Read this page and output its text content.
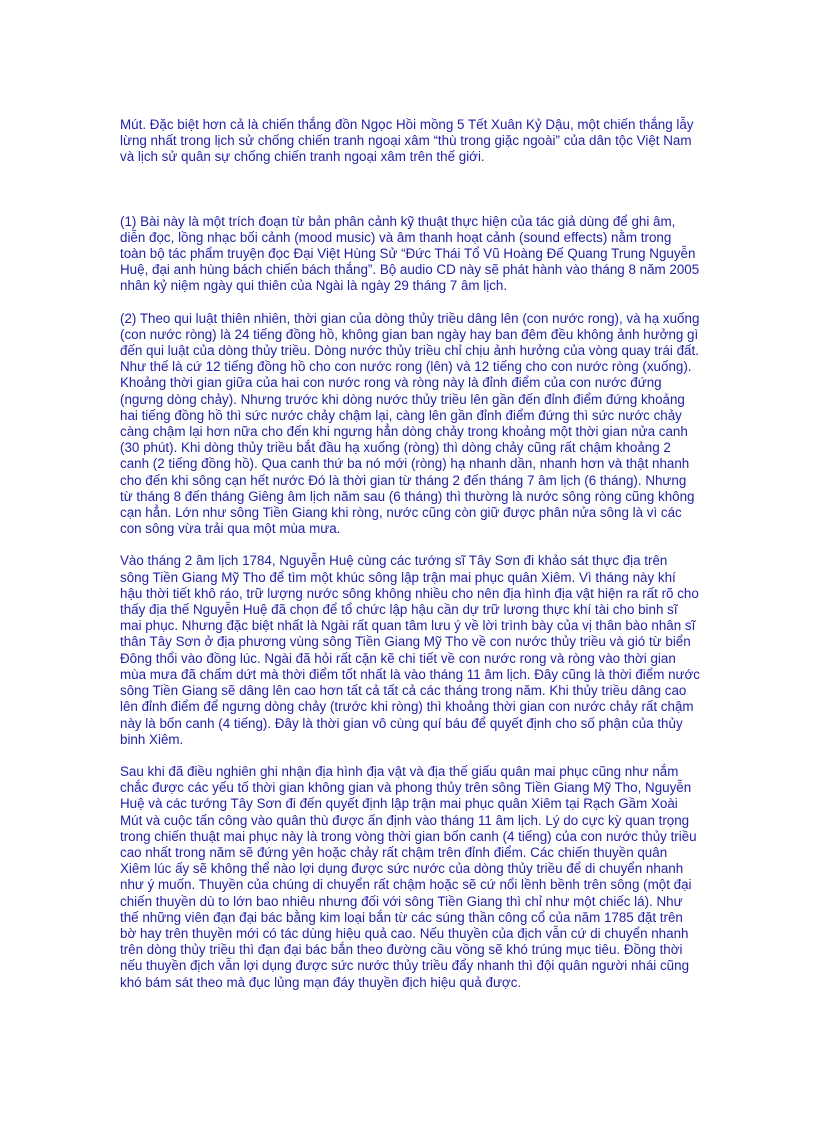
Mút. Đặc biệt hơn cả là chiến thắng đồn Ngọc Hồi mồng 5 Tết Xuân Kỷ Dậu, một chiến thắng lẫy lừng nhất trong lịch sử chống chiến tranh ngoại xâm “thù trong giặc ngoài” của dân tộc Việt Nam và lịch sử quân sự chống chiến tranh ngoại xâm trên thế giới.

(1) Bài này là một trích đoạn từ bản phân cảnh kỹ thuật thực hiện của tác giả dùng để ghi âm, diễn đọc, lồng nhạc bối cảnh (mood music) và âm thanh hoạt cảnh (sound effects) nằm trong toàn bộ tác phẩm truyện đọc Đại Việt Hùng Sử “Đức Thái Tổ Vũ Hoàng Đế Quang Trung Nguyễn Huệ, đại anh hùng bách chiến bách thắng”. Bộ audio CD này sẽ phát hành vào tháng 8 năm 2005 nhân kỷ niệm ngày qui thiên của Ngài là ngày 29 tháng 7 âm lịch.

(2) Theo qui luật thiên nhiên, thời gian của dòng thủy triều dâng lên (con nước rong), và hạ xuống (con nước ròng) là 24 tiếng đồng hồ, không gian ban ngày hay ban đêm đều không ảnh hưởng gì đến qui luật của dòng thủy triều. Dòng nước thủy triều chỉ chịu ảnh hưởng của vòng quay trái đất. Như thế là cứ 12 tiếng đồng hồ cho con nước rong (lên) và 12 tiếng cho con nước ròng (xuống). Khoảng thời gian giữa của hai con nước rong và ròng này là đỉnh điểm của con nước đứng (ngưng dòng chảy). Nhưng trước khi dòng nước thủy triều lên gần đến đỉnh điểm đứng khoảng hai tiếng đồng hồ thì sức nước chảy chậm lại, càng lên gần đỉnh điểm đứng thì sức nước chảy càng chậm lại hơn nữa cho đến khi ngưng hẳn dòng chảy trong khoảng một thời gian nửa canh (30 phút). Khi dòng thủy triều bắt đầu hạ xuống (ròng) thì dòng chảy cũng rất chậm khoảng 2 canh (2 tiếng đồng hồ). Qua canh thứ ba nó mới (ròng) hạ nhanh dần, nhanh hơn và thật nhanh cho đến khi sông cạn hết nước Đó là thời gian từ tháng 2 đến tháng 7 âm lịch (6 tháng). Nhưng từ tháng 8 đến tháng Giêng âm lịch năm sau (6 tháng) thì thường là nước sông ròng cũng không cạn hẳn. Lớn như sông Tiền Giang khi ròng, nước cũng còn giữ được phân nửa sông là vì các con sông vừa trải qua một mùa mưa.

Vào tháng 2 âm lịch 1784, Nguyễn Huệ cùng các tướng sĩ Tây Sơn đi khảo sát thực địa trên sông Tiền Giang Mỹ Tho để tìm một khúc sông lập trận mai phục quân Xiêm. Vì tháng này khí hậu thời tiết khô ráo, trữ lượng nước sông không nhiều cho nên địa hình địa vật hiện ra rất rõ cho thấy địa thế Nguyễn Huệ đã chọn để tổ chức lập hậu cần dự trữ lương thực khí tài cho binh sĩ mai phục. Nhưng đặc biệt nhất là Ngài rất quan tâm lưu ý về lời trình bày của vị thân bào nhân sĩ thân Tây Sơn ở địa phương vùng sông Tiền Giang Mỹ Tho về con nước thủy triều và gió từ biển Đông thổi vào đồng lúc. Ngài đã hỏi rất cặn kẽ chi tiết về con nước rong và ròng vào thời gian mùa mưa đã chấm dứt mà thời điểm tốt nhất là vào tháng 11 âm lịch. Đây cũng là thời điểm nước sông Tiền Giang sẽ dâng lên cao hơn tất cả tất cả các tháng trong năm. Khi thủy triều dâng cao lên đỉnh điểm để ngưng dòng chảy (trước khi ròng) thì khoảng thời gian con nước chảy rất chậm này là bốn canh (4 tiếng). Đây là thời gian vô cùng quí báu để quyết định cho số phận của thủy binh Xiêm.

Sau khi đã điều nghiên ghi nhận địa hình địa vật và địa thế giấu quân mai phục cũng như nắm chắc được các yếu tố thời gian không gian và phong thủy trên sông Tiền Giang Mỹ Tho, Nguyễn Huệ và các tướng Tây Sơn đi đến quyết định lập trận mai phục quân Xiêm tại Rạch Gầm Xoài Mút và cuộc tấn công vào quân thù được ấn định vào tháng 11 âm lịch. Lý do cực kỳ quan trọng trong chiến thuật mai phục này là trong vòng thời gian bốn canh (4 tiếng) của con nước thủy triều cao nhất trong năm sẽ đứng yên hoặc chảy rất chậm trên đỉnh điểm. Các chiến thuyền quân Xiêm lúc ấy sẽ không thể nào lợi dụng được sức nước của dòng thủy triều để di chuyển nhanh như ý muốn. Thuyền của chúng di chuyển rất chậm hoặc sẽ cứ nổi lềnh bềnh trên sông (một đại chiến thuyền dù to lớn bao nhiêu nhưng đối với sông Tiền Giang thì chỉ như một chiếc lá). Như thế những viên đạn đại bác bằng kim loại bắn từ các súng thần công cổ của năm 1785 đặt trên bờ hay trên thuyền mới có tác dùng hiệu quả cao. Nếu thuyền của địch vẫn cứ di chuyển nhanh trên dòng thủy triều thì đạn đại bác bắn theo đường cầu vồng sẽ khó trúng mục tiêu. Đồng thời nếu thuyền địch vẫn lợi dụng được sức nước thủy triều đẩy nhanh thì đội quân người nhái cũng khó bám sát theo mà đục lủng mạn đáy thuyền địch hiệu quả được.
